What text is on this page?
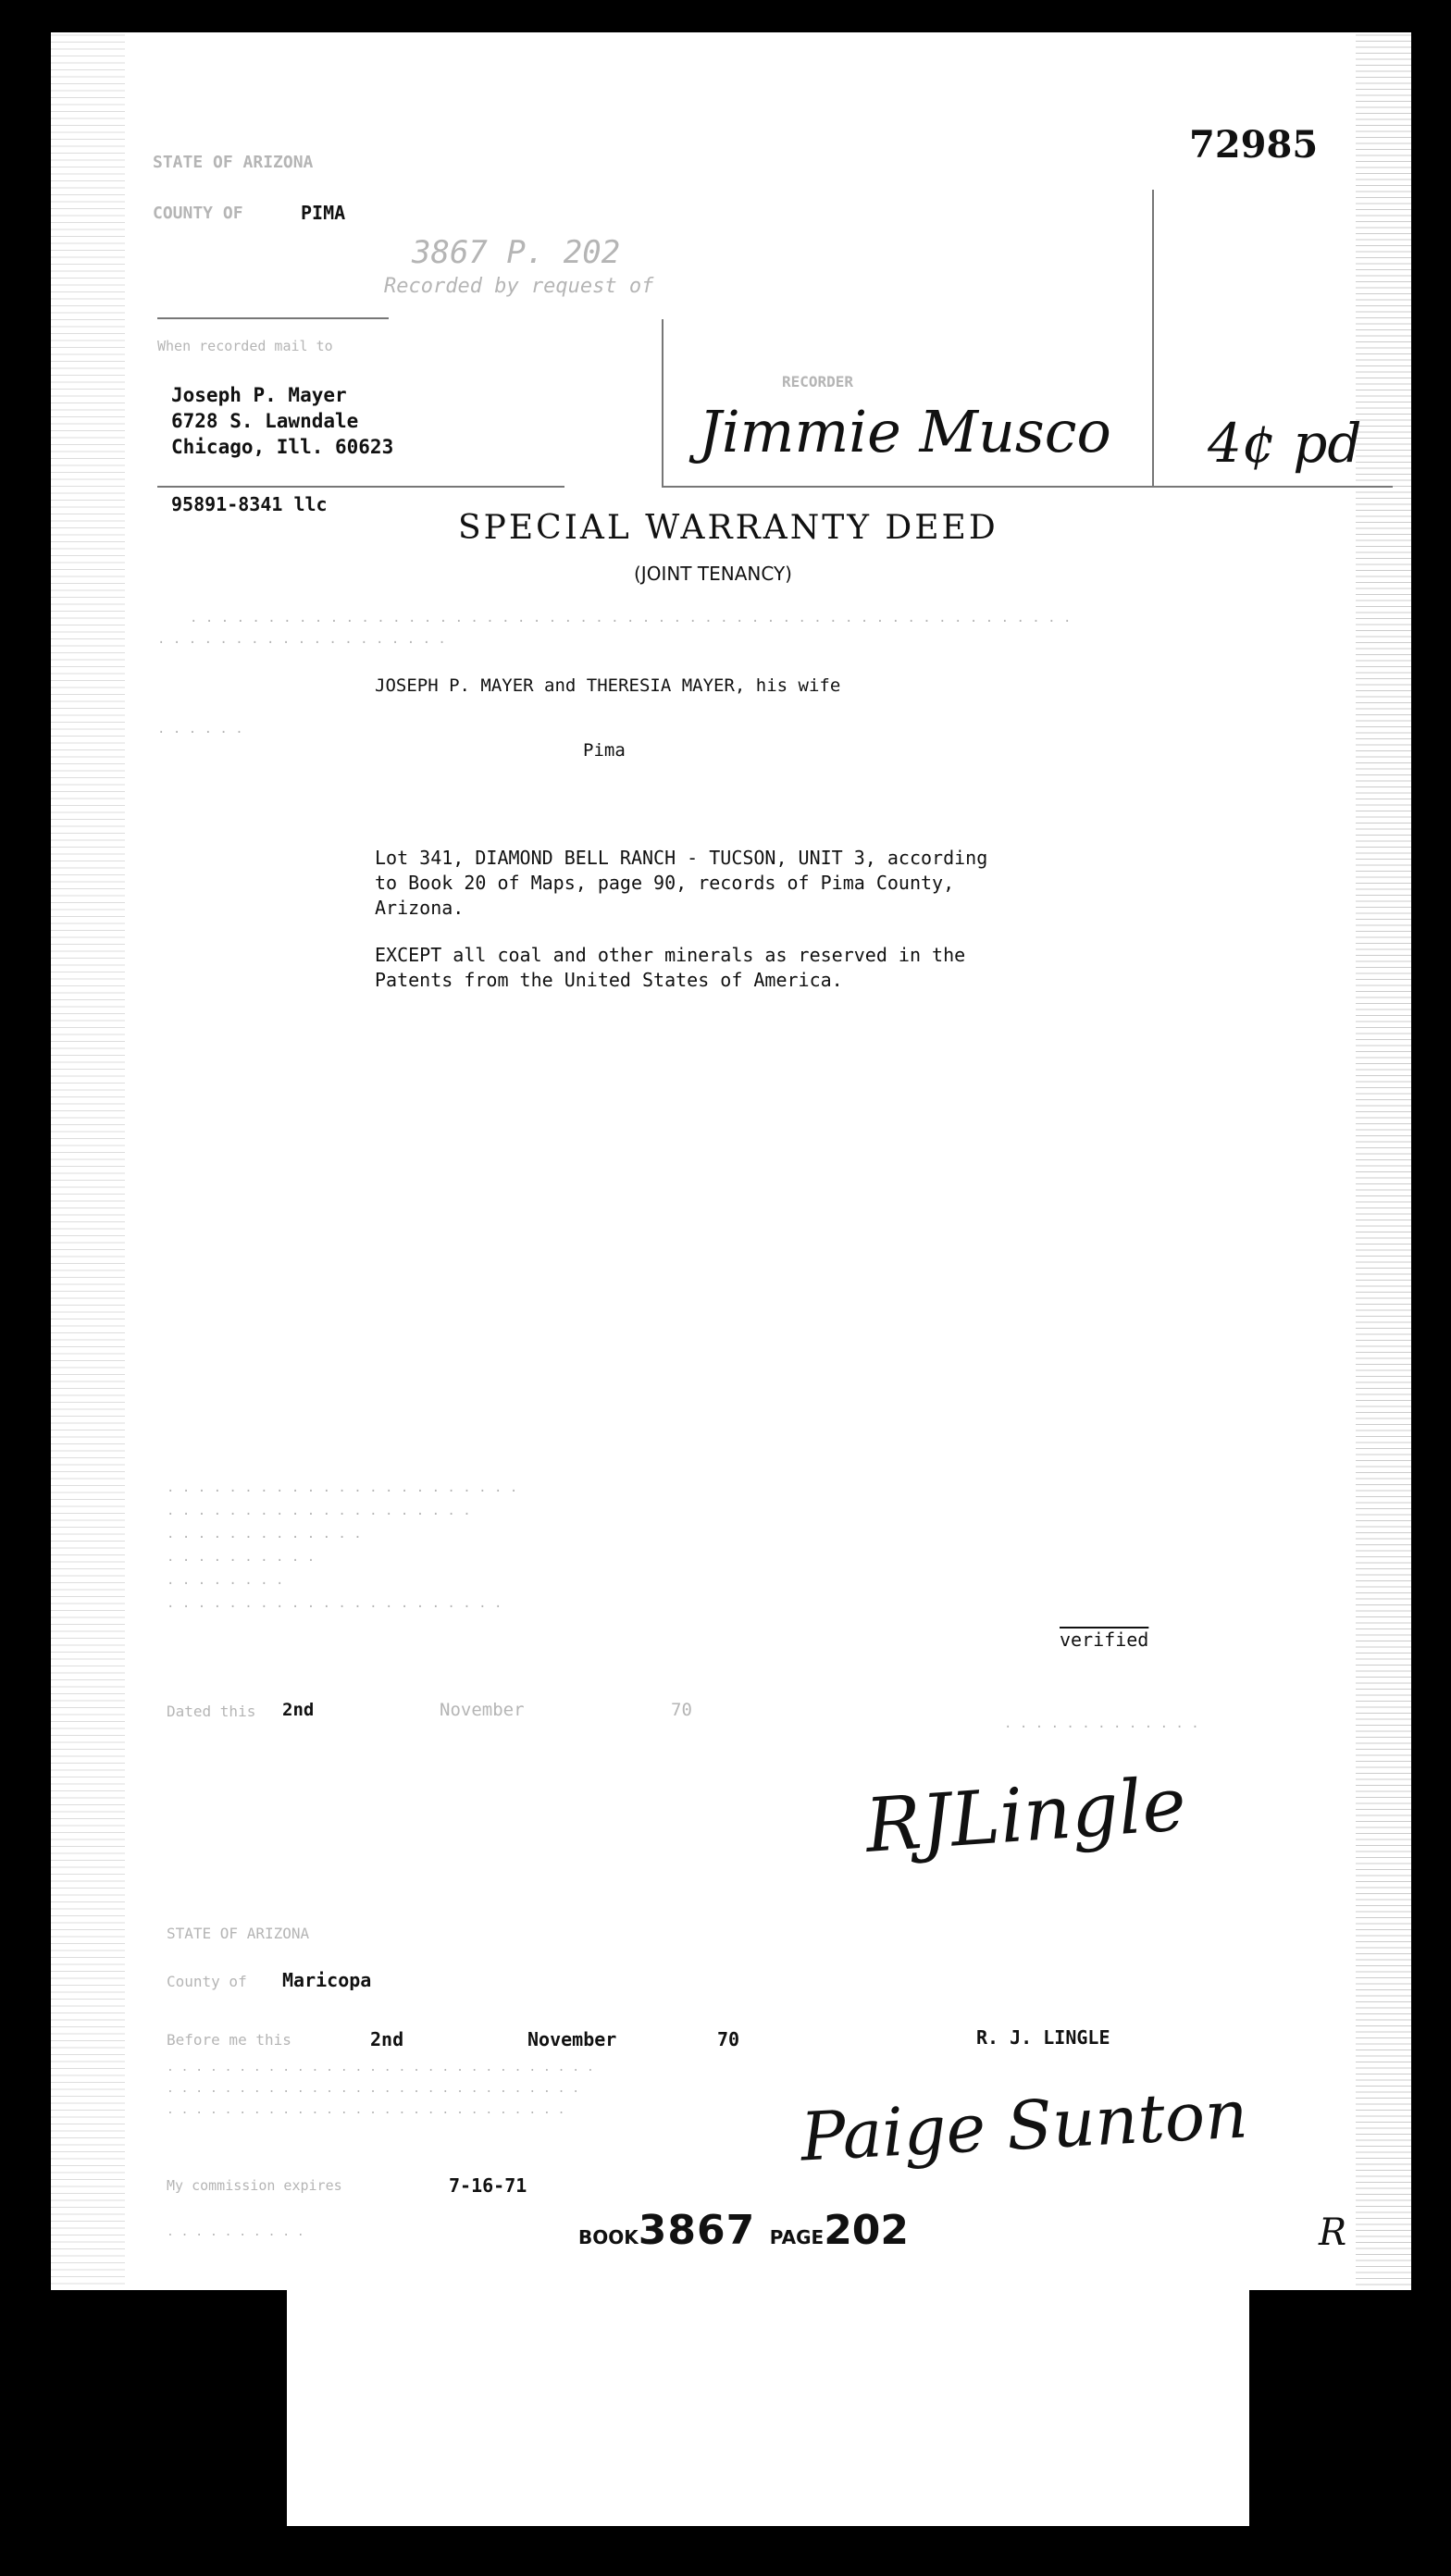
72985
STATE OF ARIZONA
COUNTY OF	PIMA
3867 P. 202
Recorded by request of
When recorded mail to
Joseph P. Mayer
6728 S. Lawndale
Chicago, Ill. 60623
95891-8341 llc
RECORDER
Jimmie Musco 4¢ pd
SPECIAL WARRANTY DEED
(JOINT TENANCY)
. . . . . . . . . . . . . . . . . . . . . . . . . . . . . . . . . . . . . . . . . . . . . . . . . . . . . . . . .
. . . . . . . . . . . . . . . . . . .
JOSEPH P. MAYER and THERESIA MAYER, his wife
. . . . . .
Pima
Lot 341, DIAMOND BELL RANCH - TUCSON, UNIT 3, according
to Book 20 of Maps, page 90, records of Pima County,
Arizona.
EXCEPT all coal and other minerals as reserved in the
Patents from the United States of America.
. . . . . . . . . . . . . . . . . . . . . . .
. . . . . . . . . . . . . . . . . . . .
. . . . . . . . . . . . .
. . . . . . . . . .
. . . . . . . .
. . . . . . . . . . . . . . . . . . . . . .
verified
Dated this 2nd	November	70
. . . . . . . . . . . . .
RJLingle
STATE OF ARIZONA
County of Maricopa
Before me this	2nd	November	70	R. J. LINGLE
. . . . . . . . . . . . . . . . . . . . . . . . . . . . . .
. . . . . . . . . . . . . . . . . . . . . . . . . . . . .
. . . . . . . . . . . . . . . . . . . . . . . . . . . .	Paige Sunton
My commission expires	7-16-71
. . . . . . . . . .	BOOK3867 PAGE202	R
